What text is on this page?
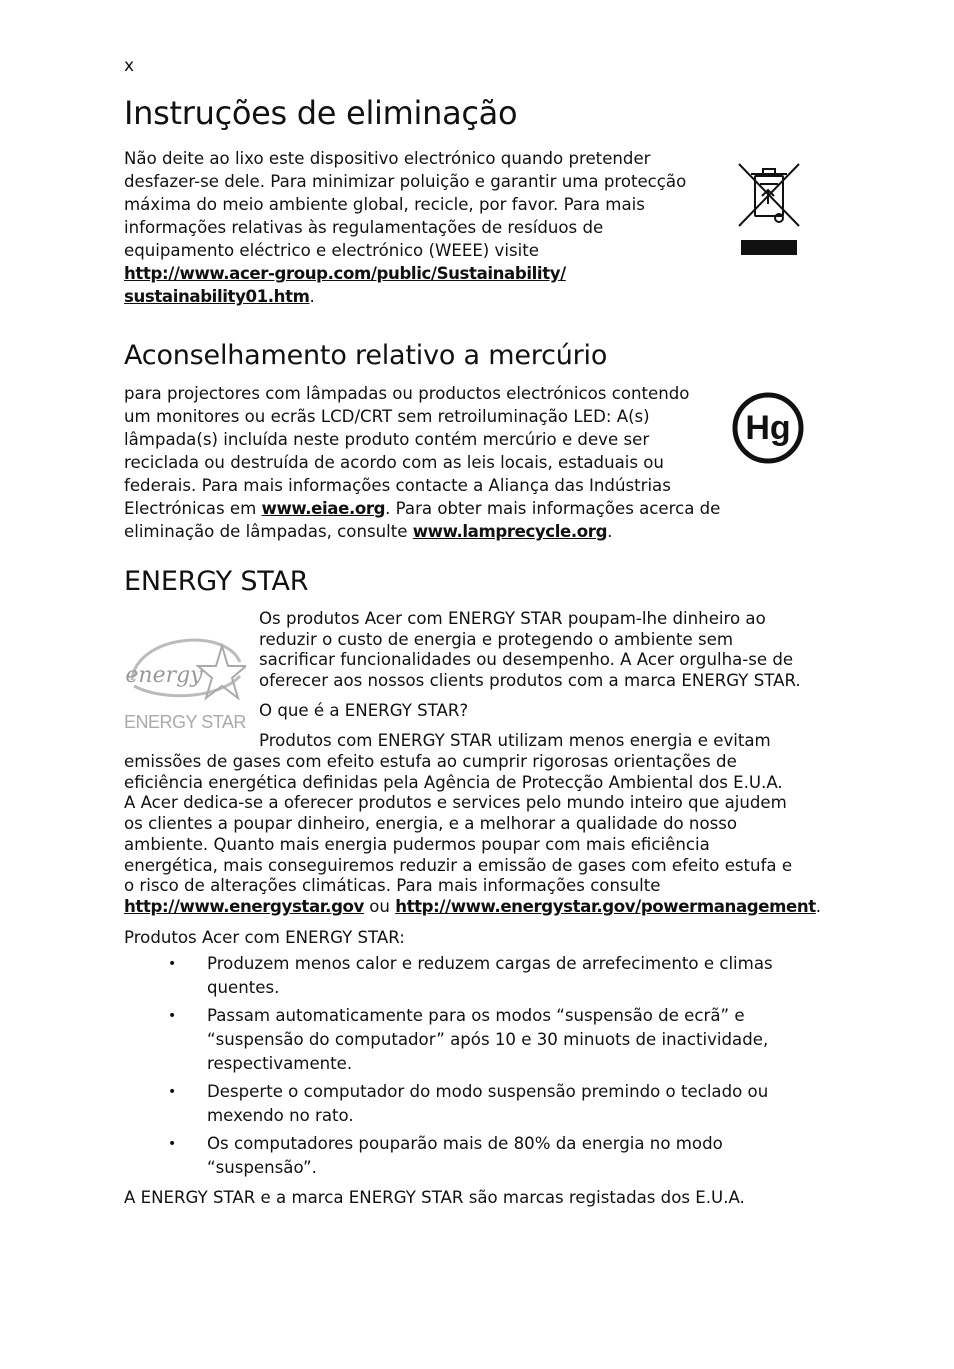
x
Instruções de eliminação

Não deite ao lixo este dispositivo electrónico quando pretender

desfazer-se dele. Para minimizar poluição e garantir uma protecção

máxima do meio ambiente global, recicle, por favor. Para mais

informações relativas às regulamentações de resíduos de

equipamento eléctrico e electrónico (WEEE) visite

http://www.acer-group.com/public/Sustainability/

sustainability01.htm.

Aconselhamento relativo a mercúrio

para projectores com lâmpadas ou productos electrónicos contendo

um monitores ou ecrãs LCD/CRT sem retroiluminação LED: A(s)

lâmpada(s) incluída neste produto contém mercúrio e deve ser

reciclada ou destruída de acordo com as leis locais, estaduais ou

federais. Para mais informações contacte a Aliança das Indústrias

Electrónicas em www.eiae.org. Para obter mais informações acerca de

eliminação de lâmpadas, consulte www.lamprecycle.org.

Hg
ENERGY STAR
energy
ENERGY STAR

Os produtos Acer com ENERGY STAR poupam-lhe dinheiro ao

reduzir o custo de energia e protegendo o ambiente sem

sacrificar funcionalidades ou desempenho. A Acer orgulha-se de

oferecer aos nossos clients produtos com a marca ENERGY STAR.

O que é a ENERGY STAR?

Produtos com ENERGY STAR utilizam menos energia e evitam

emissões de gases com efeito estufa ao cumprir rigorosas orientações de

eficiência energética definidas pela Agência de Protecção Ambiental dos E.U.A.

A Acer dedica-se a oferecer produtos e services pelo mundo inteiro que ajudem

os clientes a poupar dinheiro, energia, e a melhorar a qualidade do nosso

ambiente. Quanto mais energia pudermos poupar com mais eficiência

energética, mais conseguiremos reduzir a emissão de gases com efeito estufa e

o risco de alterações climáticas. Para mais informações consulte

http://www.energystar.gov ou http://www.energystar.gov/powermanagement.

Produtos Acer com ENERGY STAR:

• Produzem menos calor e reduzem cargas de arrefecimento e climas
quentes.
• Passam automaticamente para os modos “suspensão de ecrã” e
“suspensão do computador” após 10 e 30 minuots de inactividade,
respectivamente.
• Desperte o computador do modo suspensão premindo o teclado ou
mexendo no rato.
• Os computadores pouparão mais de 80% da energia no modo
“suspensão”.

A ENERGY STAR e a marca ENERGY STAR são marcas registadas dos E.U.A.
